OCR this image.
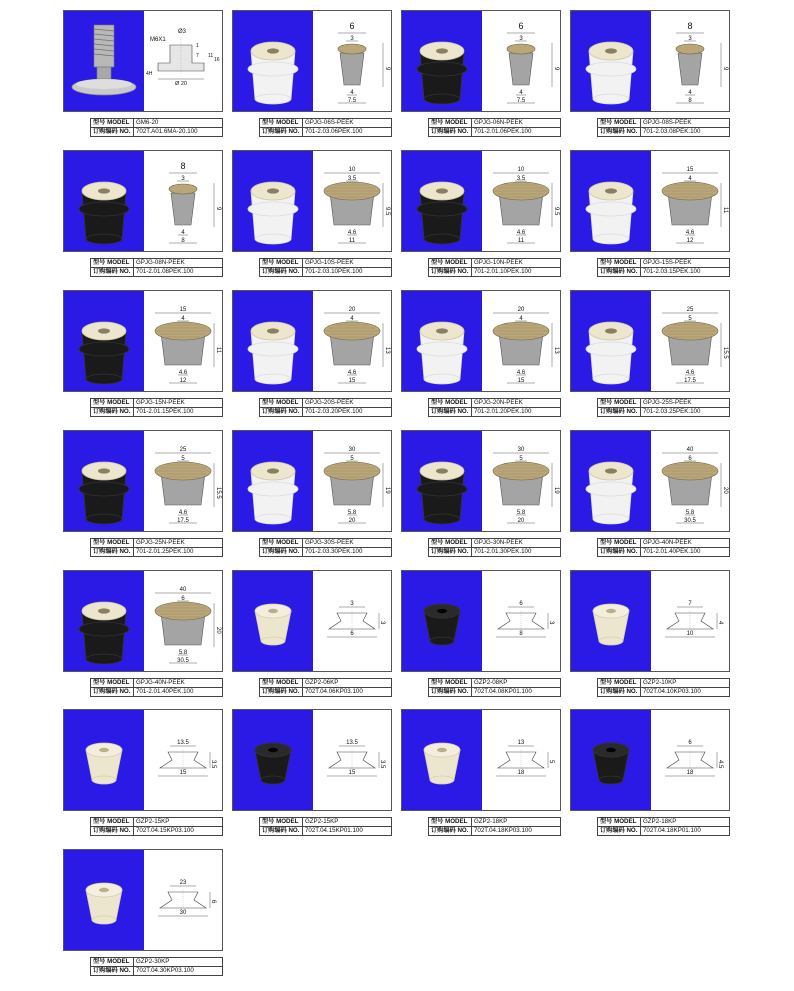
M6X1
Ø3
1
11
16
7
4H
Ø 20
型号 MODEL	GM6-20
订购编码 NO.	702T.A01.6MA-20.100
6
3
9
4
7.5
型号 MODEL	GPJG-06S-PEEK
订购编码 NO.	701-2.03.06PEK.100
6
3
9
4
7.5
型号 MODEL	GPJG-06N-PEEK
订购编码 NO.	701-2.01.06PEK.100
8
3
9
4
8
型号 MODEL	GPJG-08S-PEEK
订购编码 NO.	701-2.03.08PEK.100
8
3
9
4
8
型号 MODEL	GPJG-08N-PEEK
订购编码 NO.	701-2.01.08PEK.100
10
3.5
9.5
4.6
11
型号 MODEL	GPJG-10S-PEEK
订购编码 NO.	701-2.03.10PEK.100
10
3.5
9.5
4.6
11
型号 MODEL	GPJG-10N-PEEK
订购编码 NO.	701-2.01.10PEK.100
15
4
11
4.6
12
型号 MODEL	GPJG-15S-PEEK
订购编码 NO.	701-2.03.15PEK.100
15
4
11
4.6
12
型号 MODEL	GPJG-15N-PEEK
订购编码 NO.	701-2.01.15PEK.100
20
4
13
4.6
15
型号 MODEL	GPJG-20S-PEEK
订购编码 NO.	701-2.03.20PEK.100
20
4
13
4.6
15
型号 MODEL	GPJG-20N-PEEK
订购编码 NO.	701-2.01.20PEK.100
25
5
15.5
4.6
17.5
型号 MODEL	GPJG-25S-PEEK
订购编码 NO.	701-2.03.25PEK.100
25
5
15.5
4.6
17.5
型号 MODEL	GPJG-25N-PEEK
订购编码 NO.	701-2.01.25PEK.100
30
5
19
5.8
20
型号 MODEL	GPJG-30S-PEEK
订购编码 NO.	701-2.03.30PEK.100
30
5
19
5.8
20
型号 MODEL	GPJG-30N-PEEK
订购编码 NO.	701-2.01.30PEK.100
40
6
20
5.8
30.5
型号 MODEL	GPJG-40N-PEEK
订购编码 NO.	701-2.01.40PEK.100
40
6
20
5.8
30.5
型号 MODEL	GPJG-40N-PEEK
订购编码 NO.	701-2.01.40PEK.100
3
3
6
型号 MODEL	GZP2-06KP
订购编码 NO.	702T.04.06KP03.100
6
3
8
型号 MODEL	GZP2-08KP
订购编码 NO.	702T.04.08KP01.100
7
4
10
型号 MODEL	GZP2-10KP
订购编码 NO.	702T.04.10KP03.100
13.5
3.5
15
型号 MODEL	GZP2-15KP
订购编码 NO.	702T.04.15KP03.100
13.5
3.5
15
型号 MODEL	GZP2-15KP
订购编码 NO.	702T.04.15KP01.100
13
5
18
型号 MODEL	GZP2-18KP
订购编码 NO.	702T.04.18KP03.100
6
4.5
18
型号 MODEL	GZP2-18KP
订购编码 NO.	702T.04.18KP01.100
23
6
30
型号 MODEL	GZP2-30KP
订购编码 NO.	702T.04.30KP03.100
